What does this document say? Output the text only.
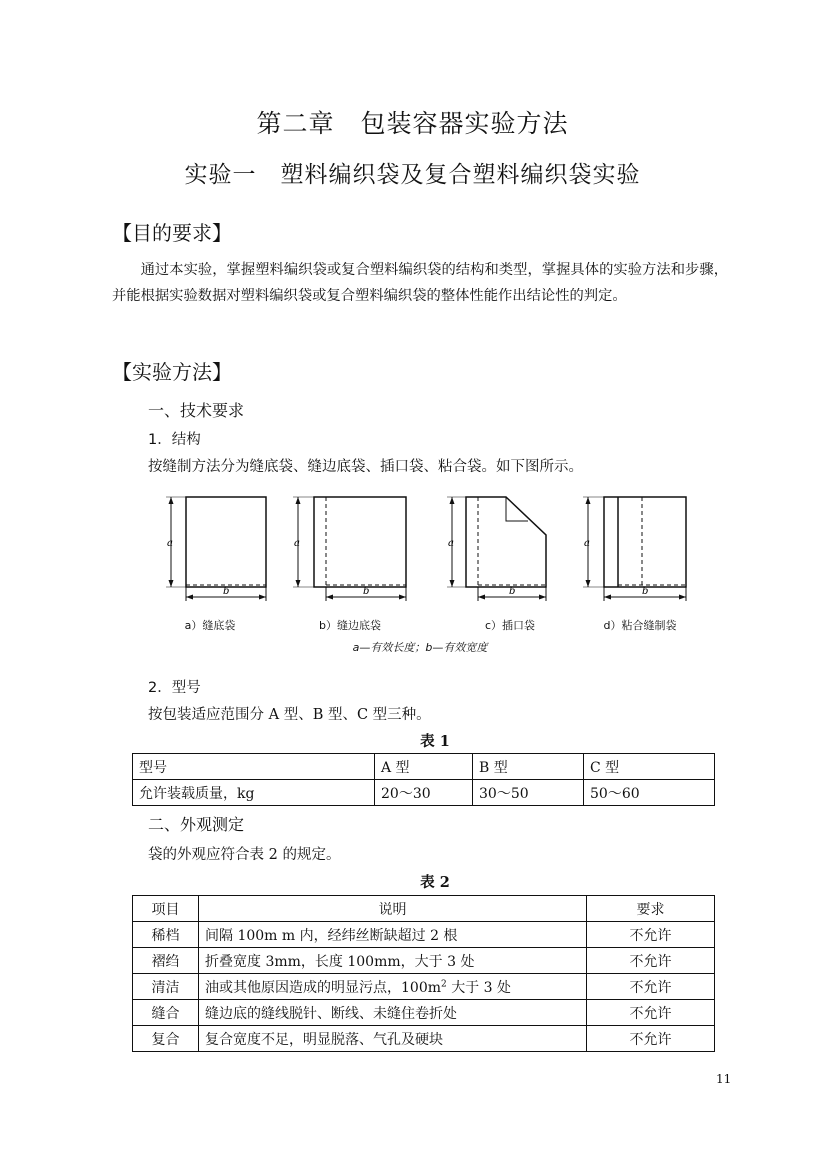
第二章　包装容器实验方法
实验一　塑料编织袋及复合塑料编织袋实验
【目的要求】
通过本实验，掌握塑料编织袋或复合塑料编织袋的结构和类型，掌握具体的实验方法和步骤，并能根据实验数据对塑料编织袋或复合塑料编织袋的整体性能作出结论性的判定。
【实验方法】
一、技术要求
1．结构
按缝制方法分为缝底袋、缝边底袋、插口袋、粘合袋。如下图所示。
a
b
a
b
a
b
a
b
a）缝底袋	b）缝边底袋	c）插口袋	d）粘合缝制袋
a—有效长度；b—有效宽度
2．型号
按包装适应范围分 A 型、B 型、C 型三种。
表 1
型号	A 型	B 型	C 型
允许装载质量，kg	20～30	30～50	50～60
二、外观测定
袋的外观应符合表 2 的规定。
表 2
项目	说明	要求
稀档	间隔 100m m 内，经纬丝断缺超过 2 根	不允许
褶绉	折叠宽度 3mm，长度 100mm，大于 3 处	不允许
清洁	油或其他原因造成的明显污点，$100m^2$ 大于 3 处	不允许
缝合	缝边底的缝线脱针、断线、未缝住卷折处	不允许
复合	复合宽度不足，明显脱落、气孔及硬块	不允许
11
